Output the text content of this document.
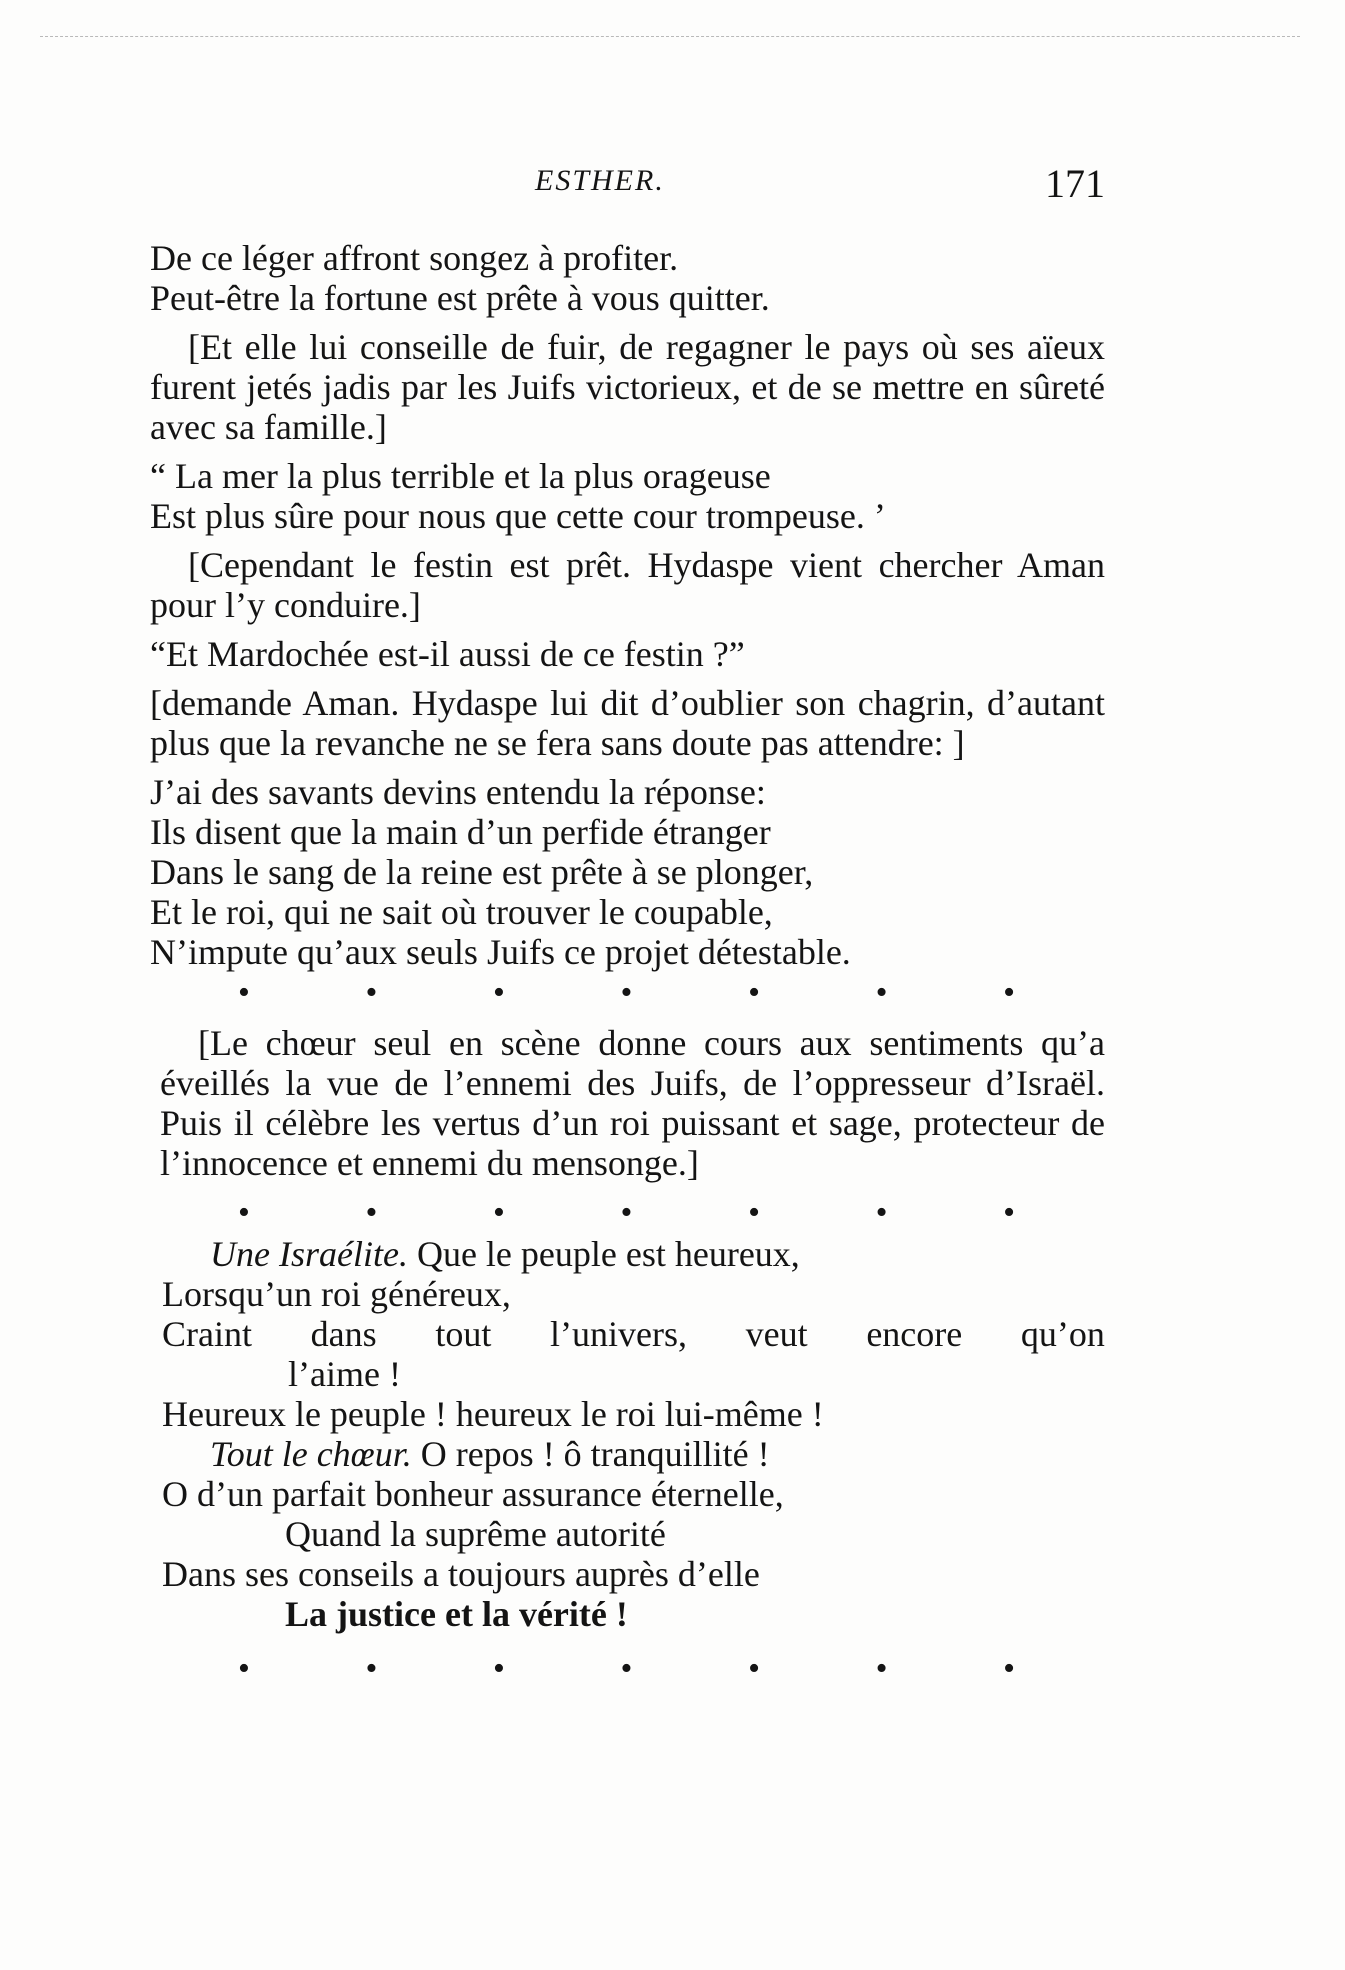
ESTHER.	171

De ce léger affront songez à profiter.

Peut-être la fortune est prête à vous quitter.

[Et elle lui conseille de fuir, de regagner le pays où ses aïeux furent jetés jadis par les Juifs victorieux, et de se mettre en sûreté avec sa famille.]

“ La mer la plus terrible et la plus orageuse

Est plus sûre pour nous que cette cour trompeuse. ’

[Cependant le festin est prêt. Hydaspe vient chercher Aman pour l’y conduire.]

“Et Mardochée est-il aussi de ce festin ?”

[demande Aman. Hydaspe lui dit d’oublier son chagrin, d’autant plus que la revanche ne se fera sans doute pas attendre: ]

J’ai des savants devins entendu la réponse:

Ils disent que la main d’un perfide étranger

Dans le sang de la reine est prête à se plonger,

Et le roi, qui ne sait où trouver le coupable,

N’impute qu’aux seuls Juifs ce projet détestable.

•	•	•	•	•	•	•

[Le chœur seul en scène donne cours aux sentiments qu’a éveillés la vue de l’ennemi des Juifs, de l’oppresseur d’Israël. Puis il célèbre les vertus d’un roi puissant et sage, protecteur de l’innocence et ennemi du mensonge.]

•	•	•	•	•	•	•

Une Israélite. Que le peuple est heureux,

Lorsqu’un roi généreux,

Craint dans tout l’univers, veut encore qu’on

l’aime !

Heureux le peuple ! heureux le roi lui-même !

Tout le chœur. O repos ! ô tranquillité !

O d’un parfait bonheur assurance éternelle,

Quand la suprême autorité

Dans ses conseils a toujours auprès d’elle

La justice et la vérité !

•	•	•	•	•	•	•
